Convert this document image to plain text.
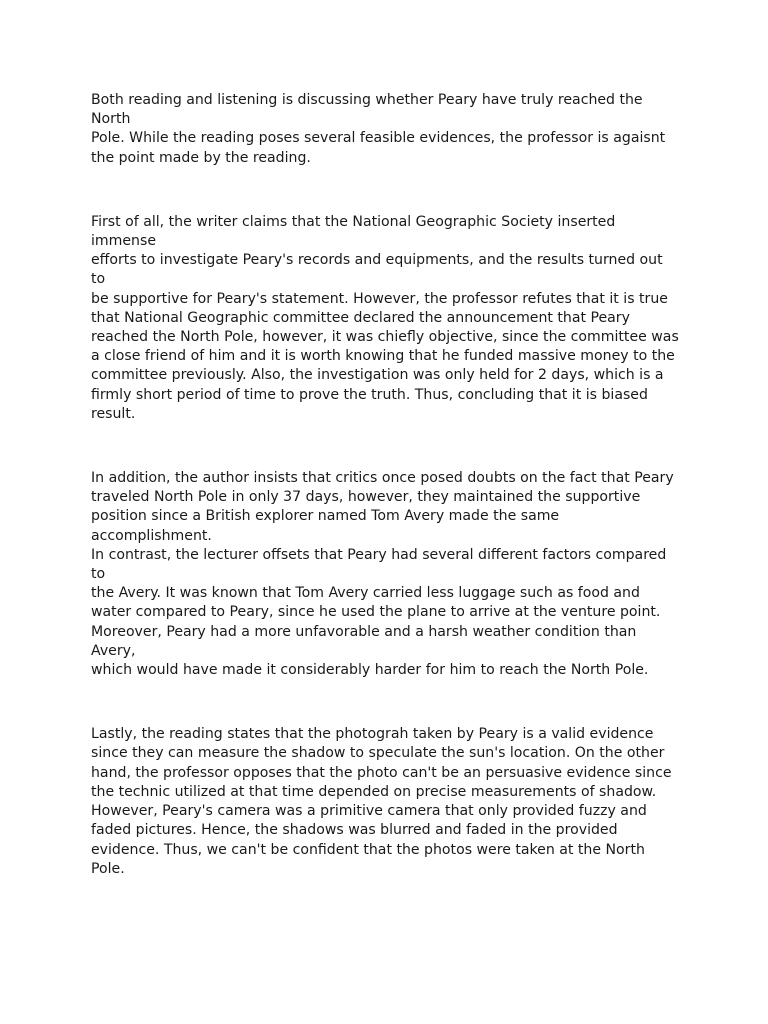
Both reading and listening is discussing whether Peary have truly reached the North
Pole. While the reading poses several feasible evidences, the professor is agaisnt
the point made by the reading.

First of all, the writer claims that the National Geographic Society inserted immense
efforts to investigate Peary's records and equipments, and the results turned out to
be supportive for Peary's statement. However, the professor refutes that it is true
that National Geographic committee declared the announcement that Peary
reached the North Pole, however, it was chiefly objective, since the committee was
a close friend of him and it is worth knowing that he funded massive money to the
committee previously. Also, the investigation was only held for 2 days, which is a
firmly short period of time to prove the truth. Thus, concluding that it is biased
result.

In addition, the author insists that critics once posed doubts on the fact that Peary
traveled North Pole in only 37 days, however, they maintained the supportive
position since a British explorer named Tom Avery made the same accomplishment.
In contrast, the lecturer offsets that Peary had several different factors compared to
the Avery. It was known that Tom Avery carried less luggage such as food and
water compared to Peary, since he used the plane to arrive at the venture point.
Moreover, Peary had a more unfavorable and a harsh weather condition than Avery,
which would have made it considerably harder for him to reach the North Pole.

Lastly, the reading states that the photograh taken by Peary is a valid evidence
since they can measure the shadow to speculate the sun's location. On the other
hand, the professor opposes that the photo can't be an persuasive evidence since
the technic utilized at that time depended on precise measurements of shadow.
However, Peary's camera was a primitive camera that only provided fuzzy and
faded pictures. Hence, the shadows was blurred and faded in the provided
evidence. Thus, we can't be confident that the photos were taken at the North Pole.
